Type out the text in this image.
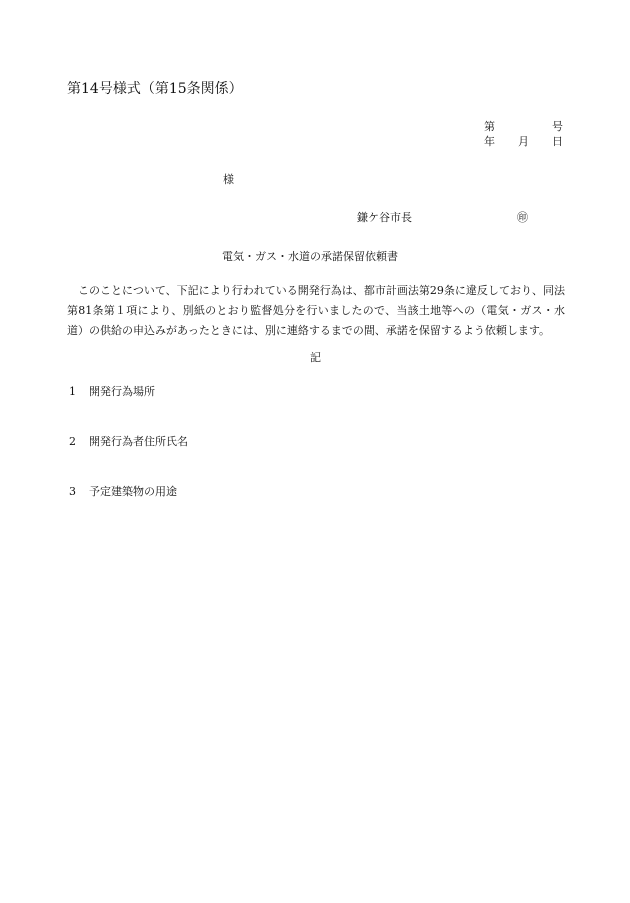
第14号様式（第15条関係）
第	号
年 月 日
様
鎌ケ谷市長	㊞
電気・ガス・水道の承諾保留依頼書
このことについて、下記により行われている開発行為は、都市計画法第29条に違反しており、同法第81条第１項により、別紙のとおり監督処分を行いましたので、当該土地等への（電気・ガス・水道）の供給の申込みがあったときには、別に連絡するまでの間、承諾を保留するよう依頼します。
記
1 開発行為場所
2 開発行為者住所氏名
3 予定建築物の用途
